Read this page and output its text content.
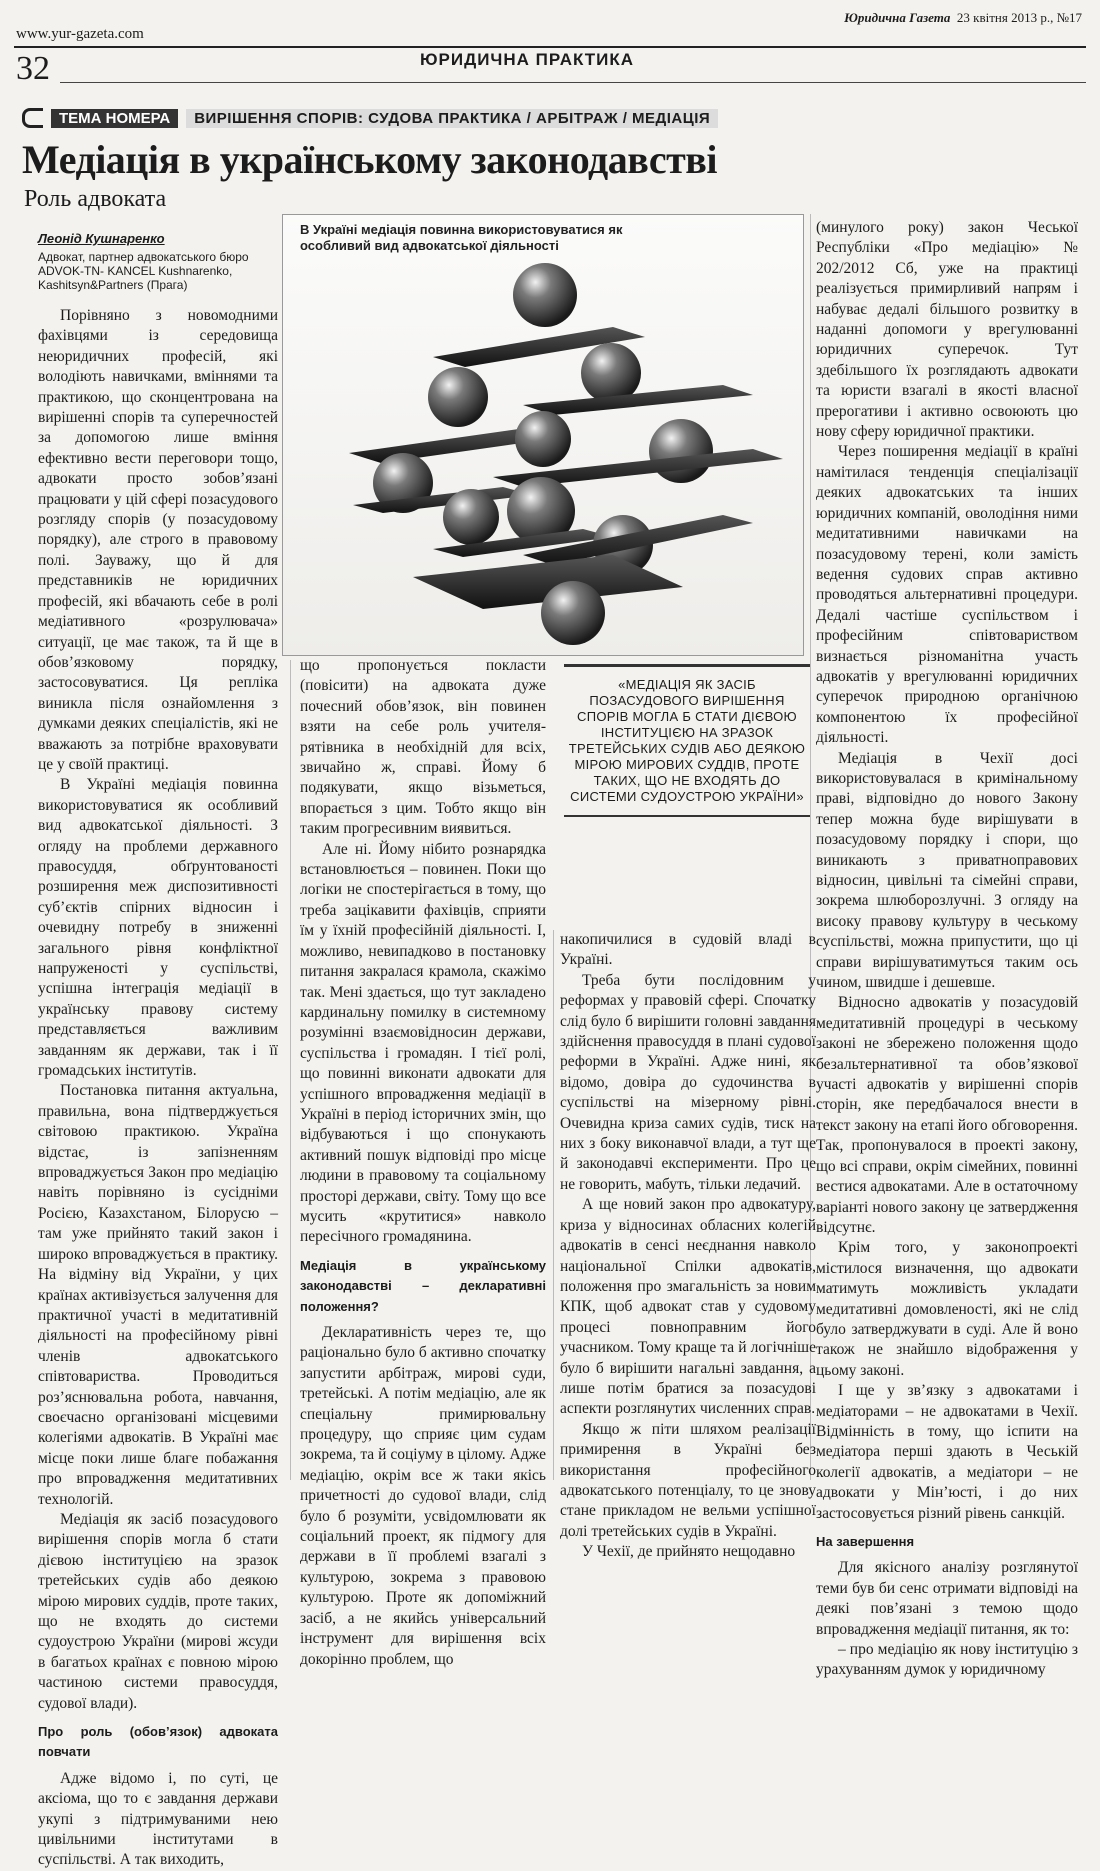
www.yur-gazeta.com
Юридична Газета 23 квітня 2013 р., №17
32	ЮРИДИЧНА ПРАКТИКА
ТЕМА НОМЕРА	ВИРІШЕННЯ СПОРІВ: СУДОВА ПРАКТИКА / АРБІТРАЖ / МЕДІАЦІЯ
Медіація в українському законодавстві
Роль адвоката
Леонід Кушнаренко
Адвокат, партнер адвокатського бюро ADVOK-TN- KANCEL Kushnarenko, Kashitsyn&Partners (Прага)
В Україні медіація повинна використовуватися як особливий вид адвокатської діяльності
«МЕДІАЦІЯ ЯК ЗАСІБ ПОЗАСУДОВОГО ВИРІШЕННЯ СПОРІВ МОГЛА Б СТАТИ ДІЄВОЮ ІНСТИТУЦІЄЮ НА ЗРАЗОК ТРЕТЕЙСЬКИХ СУДІВ АБО ДЕЯКОЮ МІРОЮ МИРОВИХ СУДДІВ, ПРОТЕ ТАКИХ, ЩО НЕ ВХОДЯТЬ ДО СИСТЕМИ СУДОУСТРОЮ УКРАЇНИ»

Порівняно з новомодними фахівцями із середовища неюридичних професій, які володіють навичками, вміннями та практикою, що сконцентрована на вирішенні спорів та суперечностей за допомогою лише вміння ефективно вести переговори тощо, адвокати просто зобов’язані працювати у цій сфері позасудового розгляду спорів (у позасудовому порядку), але строго в правовому полі. Зауважу, що й для представників не юридичних професій, які вбачають себе в ролі медіативного «розрулювача» ситуації, це має також, та й ще в обов’язковому порядку, застосовуватися. Ця репліка виникла після ознайомлення з думками деяких спеціалістів, які не вважають за потрібне враховувати це у своїй практиці.

В Україні медіація повинна використовуватися як особливий вид адвокатської діяльності. З огляду на проблеми державного правосуддя, обґрунтованості розширення меж диспозитивності суб’єктів спірних відносин і очевидну потребу в зниженні загального рівня конфліктної напруженості у суспільстві, успішна інтеграція медіації в українську правову систему представляється важливим завданням як держави, так і її громадських інститутів.

Постановка питання актуальна, правильна, вона підтверджується світовою практикою. Україна відстає, із запізненням впроваджується Закон про медіацію навіть порівняно із сусідніми Росією, Казахстаном, Білорусю – там уже прийнято такий закон і широко впроваджується в практику. На відміну від України, у цих країнах активізується залучення для практичної участі в медитативній діяльності на професійному рівні членів адвокатського співтовариства. Проводиться роз’яснювальна робота, навчання, своєчасно організовані місцевими колегіями адвокатів. В Україні має місце поки лише благе побажання про впровадження медитативних технологій.

Медіація як засіб позасудового вирішення спорів могла б стати дієвою інституцією на зразок третейських судів або деякою мірою мирових суддів, проте таких, що не входять до системи судоустрою України (мирові жсуди в багатьох країнах є повною мірою частиною системи правосуддя, судової влади).

Про роль (обов’язок) адвоката повчати

Адже відомо і, по суті, це аксіома, що то є завдання держави укупі з підтримуваними нею цивільними інститутами в суспільстві. А так виходить,

що пропонується покласти (повісити) на адвоката дуже почесний обов’язок, він повинен взяти на себе роль учителя-рятівника в необхідній для всіх, звичайно ж, справі. Йому б подякувати, якщо візьметься, впорається з цим. Тобто якщо він таким прогресивним виявиться.

Але ні. Йому нібито рознарядка встановлюється – повинен. Поки що логіки не спостерігається в тому, що треба зацікавити фахівців, сприяти їм у їхній професійній діяльності. І, можливо, невипадково в постановку питання закралася крамола, скажімо так. Мені здається, що тут закладено кардинальну помилку в системному розумінні взаємовідносин держави, суспільства і громадян. І тієї ролі, що повинні виконати адвокати для успішного впровадження медіації в Україні в період історичних змін, що відбуваються і що спонукають активний пошук відповіді про місце людини в правовому та соціальному просторі держави, світу. Тому що все мусить «крутитися» навколо пересічного громадянина.

Медіація в українському законодавстві – декларативні положення?

Декларативність через те, що раціонально було б активно спочатку запустити арбітраж, мирові суди, третейські. А потім медіацію, але як спеціальну примирювальну процедуру, що сприяє цим судам зокрема, та й соціуму в цілому. Адже медіацію, окрім все ж таки якісь причетності до судової влади, слід було б розуміти, усвідомлювати як соціальний проект, як підмогу для держави в її проблемі взагалі з культурою, зокрема з правовою культурою. Проте як допоміжний засіб, а не якийсь універсальний інструмент для вирішення всіх докорінно проблем, що

накопичилися в судовій владі в Україні.

Треба бути послідовним у реформах у правовій сфері. Спочатку слід було б вирішити головні завдання здійснення правосуддя в плані судової реформи в Україні. Адже нині, як відомо, довіра до судочинства в суспільстві на мізерному рівні. Очевидна криза самих судів, тиск на них з боку виконавчої влади, а тут ще й законодавчі експерименти. Про це не говорить, мабуть, тільки ледачий.

А ще новий закон про адвокатуру, криза у відносинах обласних колегій адвокатів в сенсі неєднання навколо національної Спілки адвокатів, положення про змагальність за новим КПК, щоб адвокат став у судовому процесі повноправним його учасником. Тому краще та й логічніше було б вирішити нагальні завдання, а лише потім братися за позасудові аспекти розглянутих численних справ.

Якщо ж піти шляхом реалізації примирення в Україні без використання професійного адвокатського потенціалу, то це знову стане прикладом не вельми успішної долі третейських судів в Україні.

У Чехії, де прийнято нещодавно

(минулого року) закон Чеської Республіки «Про медіацію» № 202/2012 Сб, уже на практиці реалізується примирливий напрям і набуває дедалі більшого розвитку в наданні допомоги у врегулюванні юридичних суперечок. Тут здебільшого їх розглядають адвокати та юристи взагалі в якості власної прерогативи і активно освоюють цю нову сферу юридичної практики.

Через поширення медіації в країні намітилася тенденція спеціалізації деяких адвокатських та інших юридичних компаній, оволодіння ними медитативними навичками на позасудовому терені, коли замість ведення судових справ активно проводяться альтернативні процедури. Дедалі частіше суспільством і професійним співтовариством визнається різноманітна участь адвокатів у врегулюванні юридичних суперечок природною органічною компонентою їх професійної діяльності.

Медіація в Чехії досі використовувалася в кримінальному праві, відповідно до нового Закону тепер можна буде вирішувати в позасудовому порядку і спори, що виникають з приватноправових відносин, цивільні та сімейні справи, зокрема шлюборозлучні. З огляду на високу правову культуру в чеському суспільстві, можна припустити, що ці справи вирішуватимуться таким ось чином, швидше і дешевше.

Відносно адвокатів у позасудовій медитативній процедурі в чеському законі не збережено положення щодо безальтернативної та обов’язкової участі адвокатів у вирішенні спорів сторін, яке передбачалося внести в текст закону на етапі його обговорення. Так, пропонувалося в проекті закону, що всі справи, окрім сімейних, повинні вестися адвокатами. Але в остаточному варіанті нового закону це затвердження відсутнє.

Крім того, у законопроекті містилося визначення, що адвокати матимуть можливість укладати медитативні домовленості, які не слід було затверджувати в суді. Але й воно також не знайшло відображення у цьому законі.

І ще у зв’язку з адвокатами і медіаторами – не адвокатами в Чехії. Відмінність в тому, що іспити на медіатора перші здають в Чеській колегії адвокатів, а медіатори – не адвокати у Мін’юсті, і до них застосовується різний рівень санкцій.

На завершення

Для якісного аналізу розглянутої теми був би сенс отримати відповіді на деякі пов’язані з темою щодо впровадження медіації питання, як то:

– про медіацію як нову інституцію з урахуванням думок у юридичному
